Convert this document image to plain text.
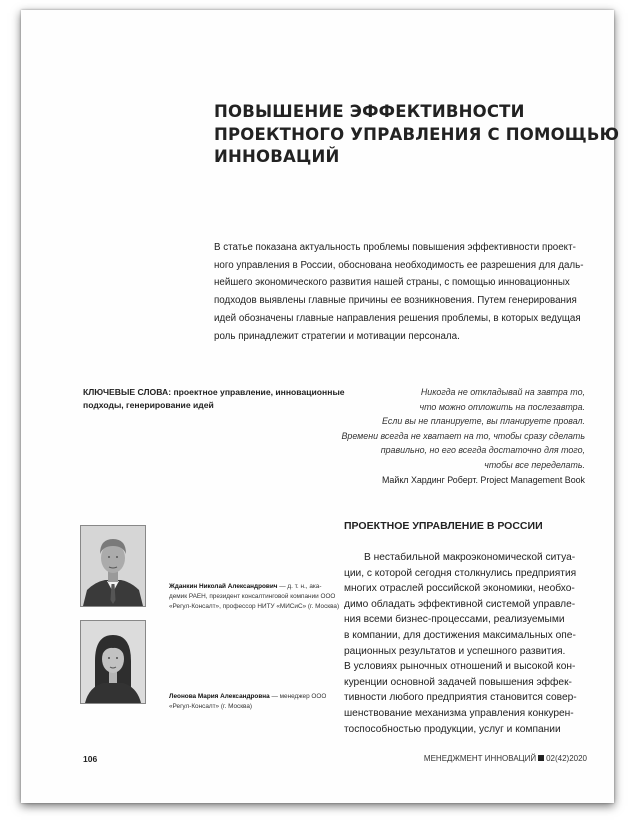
ПОВЫШЕНИЕ ЭФФЕКТИВНОСТИ
ПРОЕКТНОГО УПРАВЛЕНИЯ С ПОМОЩЬЮ
ИННОВАЦИЙ
В статье показана актуальность проблемы повышения эффективности проект-
ного управления в России, обоснована необходимость ее разрешения для даль-
нейшего экономического развития нашей страны, с помощью инновационных
подходов выявлены главные причины ее возникновения. Путем генерирования
идей обозначены главные направления решения проблемы, в которых ведущая
роль принадлежит стратегии и мотивации персонала.
КЛЮЧЕВЫЕ СЛОВА: проектное управление, инновационные
подходы, генерирование идей
Никогда не откладывай на завтра то,
что можно отложить на послезавтра.
Если вы не планируете, вы планируете провал.
Времени всегда не хватает на то, чтобы сразу сделать
правильно, но его всегда достаточно для того,
чтобы все переделать.
Майкл Хардинг Роберт. Project Management Book
Жданкин Николай Александрович — д. т. н., ака-
демик РАЕН, президент консалтинговой компании ООО
«Регул-Консалт», профессор НИТУ «МИСиС» (г. Москва)
Леонова Мария Александровна — менеджер ООО
«Регул-Консалт» (г. Москва)
ПРОЕКТНОЕ УПРАВЛЕНИЕ В РОССИИ
В нестабильной макроэкономической ситуа-
ции, с которой сегодня столкнулись предприятия
многих отраслей российской экономики, необхо-
димо обладать эффективной системой управле-
ния всеми бизнес-процессами, реализуемыми
в компании, для достижения максимальных опе-
рационных результатов и успешного развития.
В условиях рыночных отношений и высокой кон-
куренции основной задачей повышения эффек-
тивности любого предприятия становится совер-
шенствование механизма управления конкурен-
тоспособностью продукции, услуг и компании
106	МЕНЕДЖМЕНТ ИННОВАЦИЙ 02(42)2020
